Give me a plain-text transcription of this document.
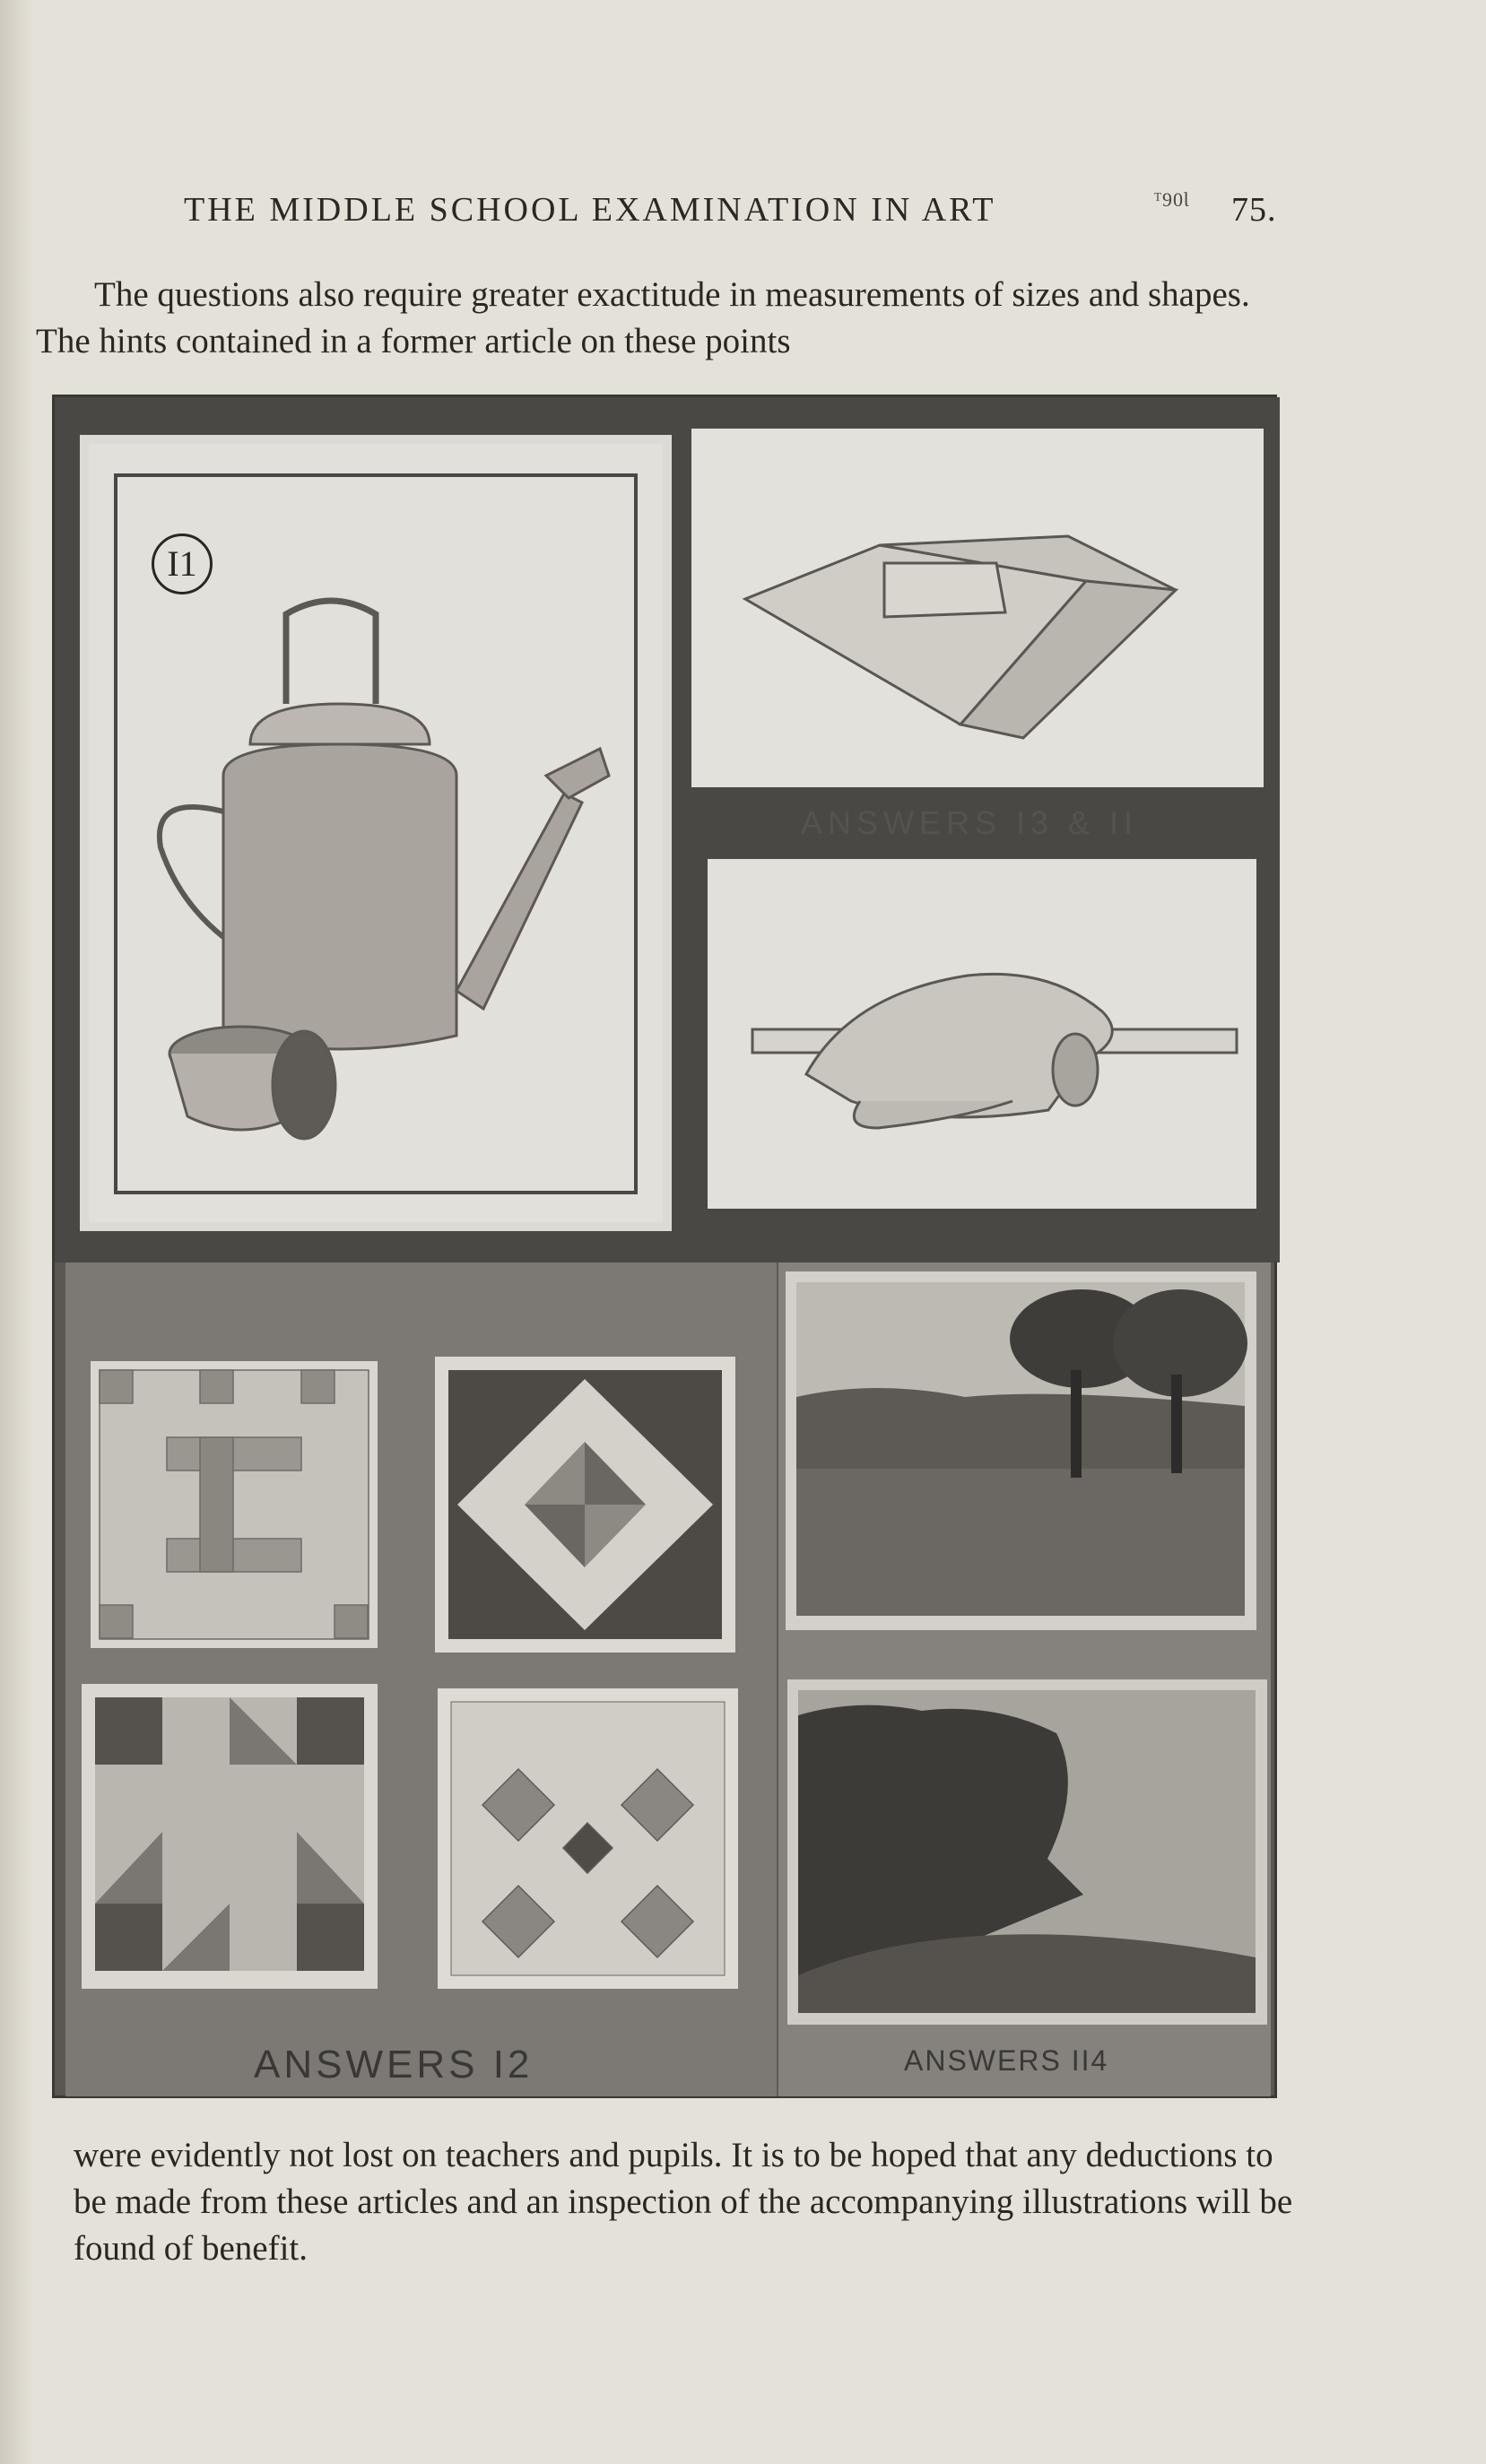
THE MIDDLE SCHOOL EXAMINATION IN ART	ᵀ90Ɩ 75.

The questions also require greater exactitude in measurements of sizes and shapes. The hints contained in a former article on these points

I1
ANSWERS I3 & II
ANSWERS I2	ANSWERS II4

were evidently not lost on teachers and pupils. It is to be hoped that any deductions to be made from these articles and an inspection of the accompanying illustrations will be found of benefit.
